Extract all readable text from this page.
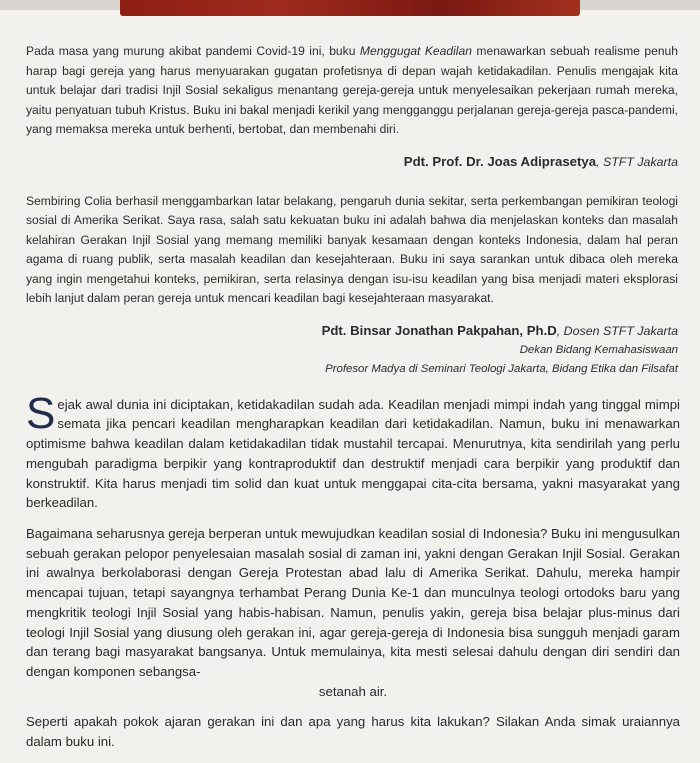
Pada masa yang murung akibat pandemi Covid-19 ini, buku Menggugat Keadilan menawarkan sebuah realisme penuh harap bagi gereja yang harus menyuarakan gugatan profetisnya di depan wajah ketidakadilan. Penulis mengajak kita untuk belajar dari tradisi Injil Sosial sekaligus menantang gereja-gereja untuk menyelesaikan pekerjaan rumah mereka, yaitu penyatuan tubuh Kristus. Buku ini bakal menjadi kerikil yang mengganggu perjalanan gereja-gereja pasca-pandemi, yang memaksa mereka untuk berhenti, bertobat, dan membenahi diri.

Pdt. Prof. Dr. Joas Adiprasetya, STFT Jakarta

Sembiring Colia berhasil menggambarkan latar belakang, pengaruh dunia sekitar, serta perkembangan pemikiran teologi sosial di Amerika Serikat. Saya rasa, salah satu kekuatan buku ini adalah bahwa dia menjelaskan konteks dan masalah kelahiran Gerakan Injil Sosial yang memang memiliki banyak kesamaan dengan konteks Indonesia, dalam hal peran agama di ruang publik, serta masalah keadilan dan kesejahteraan. Buku ini saya sarankan untuk dibaca oleh mereka yang ingin mengetahui konteks, pemikiran, serta relasinya dengan isu-isu keadilan yang bisa menjadi materi eksplorasi lebih lanjut dalam peran gereja untuk mencari keadilan bagi kesejahteraan masyarakat.

Pdt. Binsar Jonathan Pakpahan, Ph.D, Dosen STFT Jakarta
Dekan Bidang Kemahasiswaan
Profesor Madya di Seminari Teologi Jakarta, Bidang Etika dan Filsafat

Sejak awal dunia ini diciptakan, ketidakadilan sudah ada. Keadilan menjadi mimpi indah yang tinggal mimpi semata jika pencari keadilan mengharapkan keadilan dari ketidakadilan. Namun, buku ini menawarkan optimisme bahwa keadilan dalam ketidakadilan tidak mustahil tercapai. Menurutnya, kita sendirilah yang perlu mengubah paradigma berpikir yang kontraproduktif dan destruktif menjadi cara berpikir yang produktif dan konstruktif. Kita harus menjadi tim solid dan kuat untuk menggapai cita-cita bersama, yakni masyarakat yang berkeadilan.

Bagaimana seharusnya gereja berperan untuk mewujudkan keadilan sosial di Indonesia? Buku ini mengusulkan sebuah gerakan pelopor penyelesaian masalah sosial di zaman ini, yakni dengan Gerakan Injil Sosial. Gerakan ini awalnya berkolaborasi dengan Gereja Protestan abad lalu di Amerika Serikat. Dahulu, mereka hampir mencapai tujuan, tetapi sayangnya terhambat Perang Dunia Ke-1 dan munculnya teologi ortodoks baru yang mengkritik teologi Injil Sosial yang habis-habisan. Namun, penulis yakin, gereja bisa belajar plus-minus dari teologi Injil Sosial yang diusung oleh gerakan ini, agar gereja-gereja di Indonesia bisa sungguh menjadi garam dan terang bagi masyarakat bangsanya. Untuk memulainya, kita mesti selesai dahulu dengan diri sendiri dan dengan komponen sebangsa-
setanah air.

Seperti apakah pokok ajaran gerakan ini dan apa yang harus kita lakukan? Silakan Anda simak uraiannya dalam buku ini.
